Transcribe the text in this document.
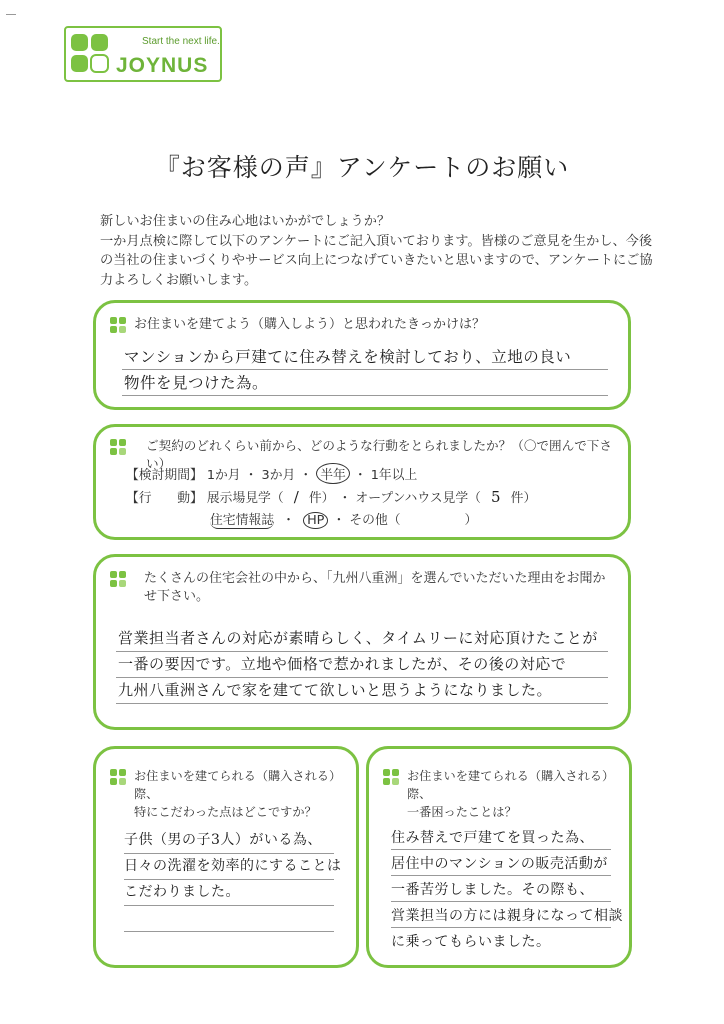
Start the next life.
JOYNUS
『お客様の声』アンケートのお願い
新しいお住まいの住み心地はいかがでしょうか？
一か月点検に際して以下のアンケートにご記入頂いております。皆様のご意見を生かし、今後の当社の住まいづくりやサービス向上につなげていきたいと思いますので、アンケートにご協力よろしくお願いします。
お住まいを建てよう（購入しよう）と思われたきっかけは？
マンションから戸建てに住み替えを検討しており、立地の良い
物件を見つけた為。
ご契約のどれくらい前から、どのような行動をとられましたか？（〇で囲んで下さい）
【検討期間】 1か月 ・ 3か月 ・ 半年 ・ 1年以上
【行　　動】 展示場見学（ / 件） ・ オープンハウス見学（ 5 件）
住宅情報誌  ・  HP ・ その他（　　　　　）
たくさんの住宅会社の中から、「九州八重洲」を選んでいただいた理由をお聞かせ下さい。
営業担当者さんの対応が素晴らしく、タイムリーに対応頂けたことが
一番の要因です。立地や価格で惹かれましたが、その後の対応で
九州八重洲さんで家を建てて欲しいと思うようになりました。
お住まいを建てられる（購入される）際、
特にこだわった点はどこですか？
子供（男の子3人）がいる為、
日々の洗濯を効率的にすることは
こだわりました。
お住まいを建てられる（購入される）際、
一番困ったことは？
住み替えで戸建てを買った為、
居住中のマンションの販売活動が
一番苦労しました。その際も、
営業担当の方には親身になって相談
に乗ってもらいました。
